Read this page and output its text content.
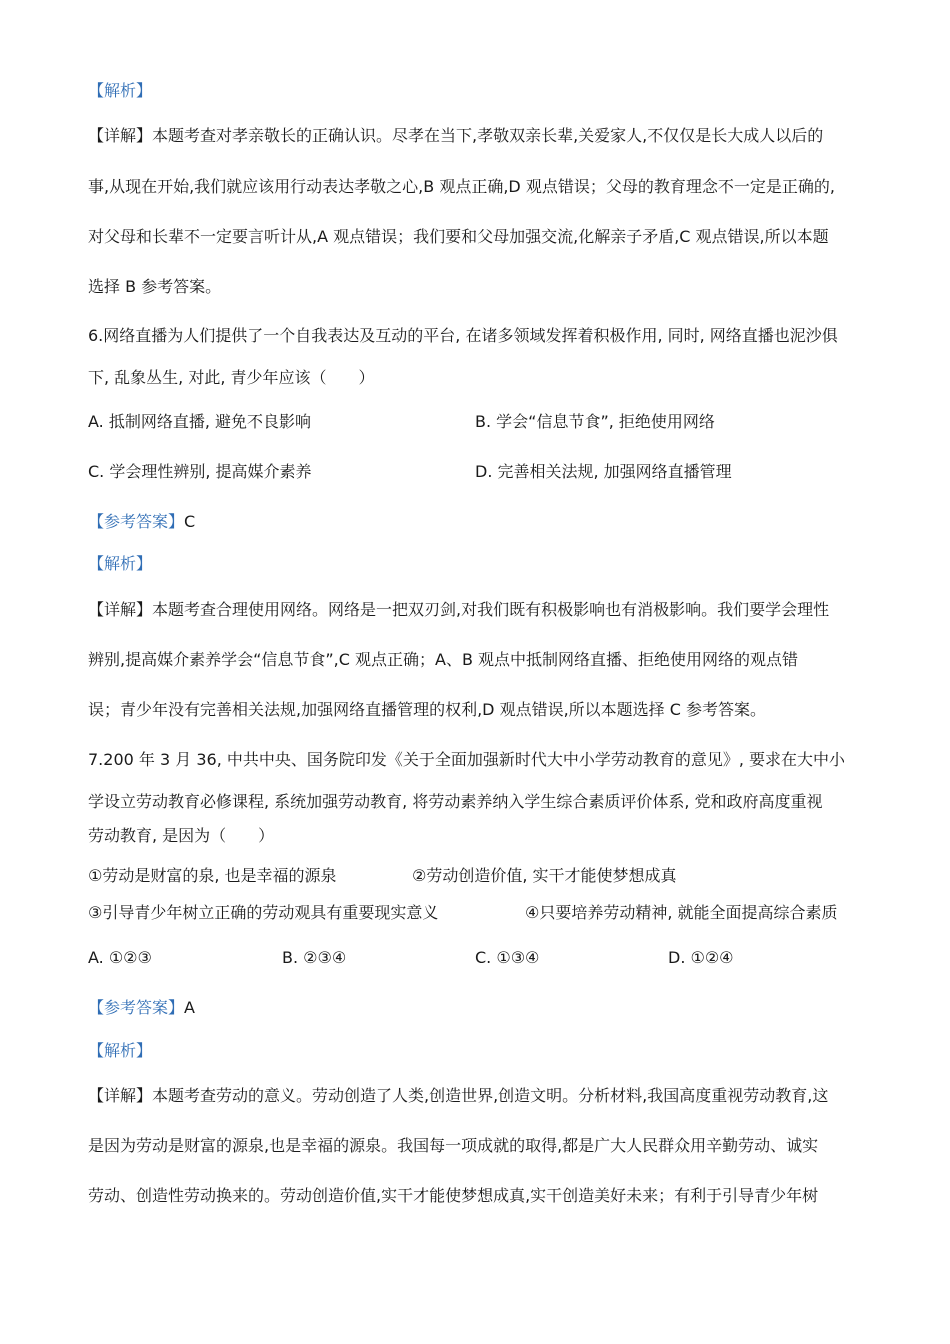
【解析】
【详解】本题考查对孝亲敬长的正确认识。尽孝在当下,孝敬双亲长辈,关爱家人,不仅仅是长大成人以后的
事,从现在开始,我们就应该用行动表达孝敬之心,B 观点正确,D 观点错误；父母的教育理念不一定是正确的,
对父母和长辈不一定要言听计从,A 观点错误；我们要和父母加强交流,化解亲子矛盾,C 观点错误,所以本题
选择 B 参考答案。
6.网络直播为人们提供了一个自我表达及互动的平台, 在诸多领域发挥着积极作用, 同时, 网络直播也泥沙俱
下, 乱象丛生, 对此, 青少年应该（　　）
A. 抵制网络直播, 避免不良影响	B. 学会“信息节食”, 拒绝使用网络
C. 学会理性辨别, 提高媒介素养	D. 完善相关法规, 加强网络直播管理
【参考答案】C
【解析】
【详解】本题考查合理使用网络。网络是一把双刃剑,对我们既有积极影响也有消极影响。我们要学会理性
辨别,提高媒介素养学会“信息节食”,C 观点正确；A、B 观点中抵制网络直播、拒绝使用网络的观点错
误；青少年没有完善相关法规,加强网络直播管理的权利,D 观点错误,所以本题选择 C 参考答案。
7.200 年 3 月 36, 中共中央、国务院印发《关于全面加强新时代大中小学劳动教育的意见》, 要求在大中小
学设立劳动教育必修课程, 系统加强劳动教育, 将劳动素养纳入学生综合素质评价体系, 党和政府高度重视
劳动教育, 是因为（　　）
①劳动是财富的泉, 也是幸福的源泉	②劳动创造价值, 实干才能使梦想成真
③引导青少年树立正确的劳动观具有重要现实意义	④只要培养劳动精神, 就能全面提高综合素质
A. ①②③	B. ②③④	C. ①③④	D. ①②④
【参考答案】A
【解析】
【详解】本题考查劳动的意义。劳动创造了人类,创造世界,创造文明。分析材料,我国高度重视劳动教育,这
是因为劳动是财富的源泉,也是幸福的源泉。我国每一项成就的取得,都是广大人民群众用辛勤劳动、诚实
劳动、创造性劳动换来的。劳动创造价值,实干才能使梦想成真,实干创造美好未来；有利于引导青少年树
